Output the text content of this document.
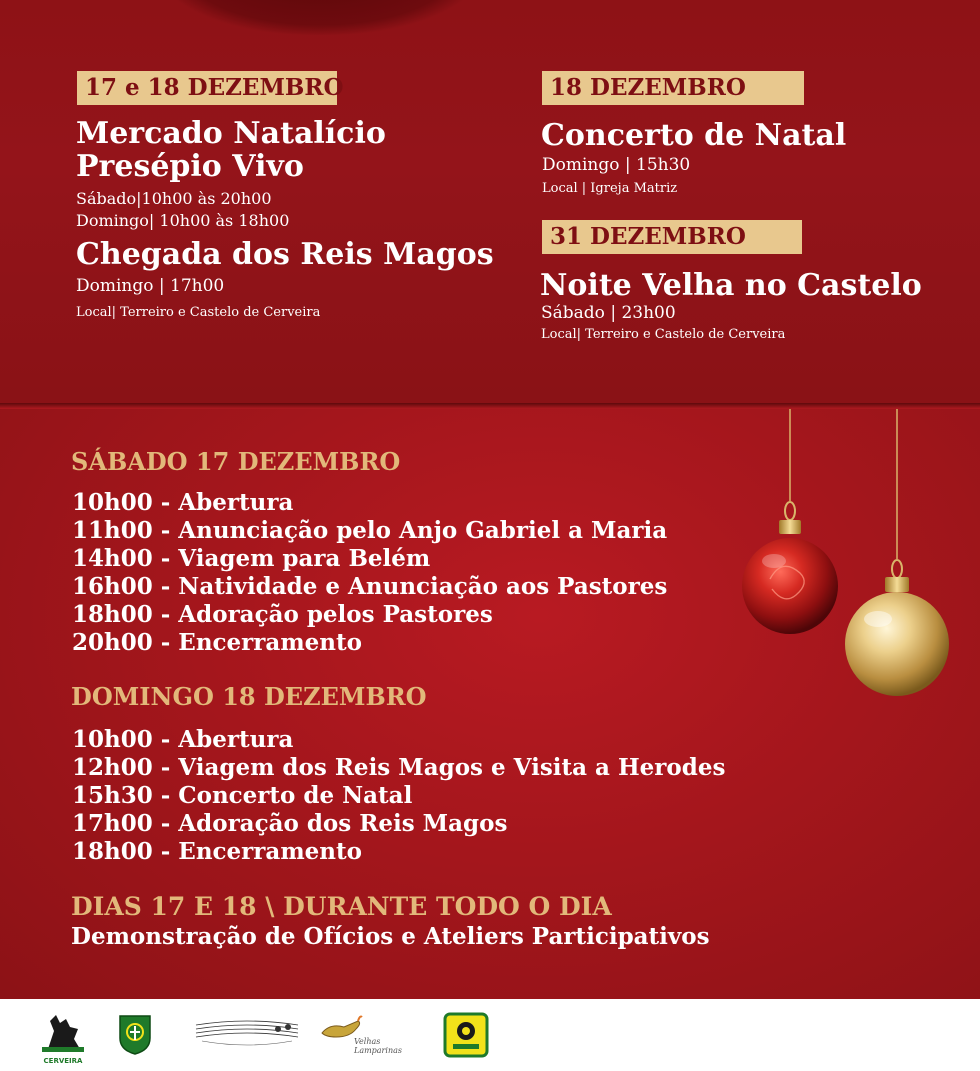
17 e 18 DEZEMBRO
Mercado Natalício
Presépio Vivo
Sábado|10h00 às 20h00
Domingo| 10h00 às 18h00
Chegada dos Reis Magos
Domingo | 17h00
Local| Terreiro e Castelo de Cerveira
18 DEZEMBRO
Concerto de Natal
Domingo | 15h30
Local | Igreja Matriz
31 DEZEMBRO
Noite Velha no Castelo
Sábado | 23h00
Local| Terreiro e Castelo de Cerveira
SÁBADO 17 DEZEMBRO
10h00 - Abertura
11h00 - Anunciação pelo Anjo Gabriel a Maria
14h00 - Viagem para Belém
16h00 - Natividade e Anunciação aos Pastores
18h00 - Adoração pelos Pastores
20h00 - Encerramento
DOMINGO 18 DEZEMBRO
10h00 - Abertura
12h00 - Viagem dos Reis Magos e Visita a Herodes
15h30 - Concerto de Natal
17h00 - Adoração dos Reis Magos
18h00 - Encerramento
DIAS 17 E 18 \ DURANTE TODO O DIA
Demonstração de Ofícios e Ateliers Participativos
CERVEIRA
Velhas Lamparinas
